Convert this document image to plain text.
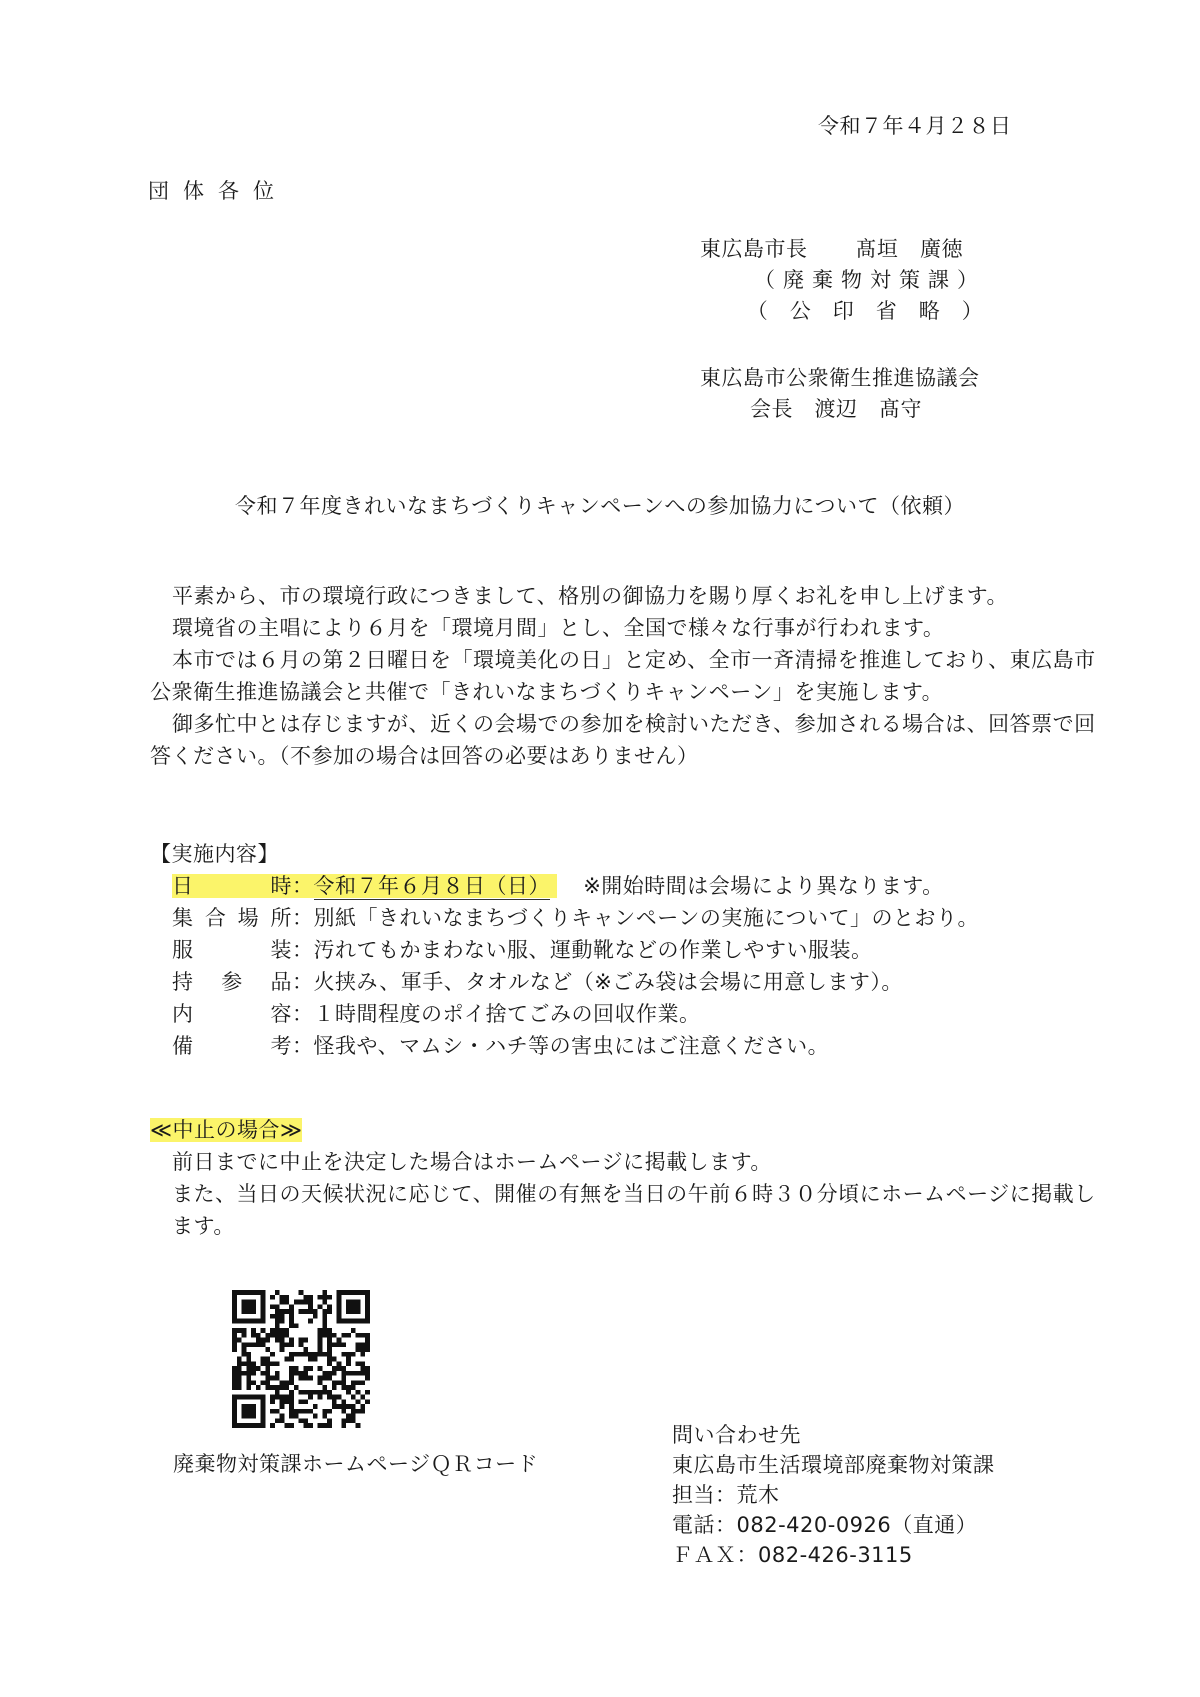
令和７年４月２８日
団体各位
東広島市長 髙垣　廣徳
（廃棄物対策課）
（　公　印　省　略　）
東広島市公衆衛生推進協議会
会長　渡辺　髙守
令和７年度きれいなまちづくりキャンペーンへの参加協力について（依頼）

平素から、市の環境行政につきまして、格別の御協力を賜り厚くお礼を申し上げます。

環境省の主唱により６月を「環境月間」とし、全国で様々な行事が行われます。

本市では６月の第２日曜日を「環境美化の日」と定め、全市一斉清掃を推進しており、東広島市公衆衛生推進協議会と共催で「きれいなまちづくりキャンペーン」を実施します。

御多忙中とは存じますが、近くの会場での参加を検討いただき、参加される場合は、回答票で回答ください。（不参加の場合は回答の必要はありません）

【実施内容】
日　　時：令和７年６月８日（日） ※開始時間は会場により異なります。
集合場所：別紙「きれいなまちづくりキャンペーンの実施について」のとおり。
服　　装：汚れてもかまわない服、運動靴などの作業しやすい服装。
持 参 品：火挟み、軍手、タオルなど（※ごみ袋は会場に用意します）。
内　　容：１時間程度のポイ捨てごみの回収作業。
備　　考：怪我や、マムシ・ハチ等の害虫にはご注意ください。
≪中止の場合≫

前日までに中止を決定した場合はホームページに掲載します。

また、当日の天候状況に応じて、開催の有無を当日の午前６時３０分頃にホームページに掲載します。

廃棄物対策課ホームページＱＲコード
問い合わせ先
東広島市生活環境部廃棄物対策課
担当：荒木
電話：082-420-0926（直通）
ＦＡＸ：082-426-3115
